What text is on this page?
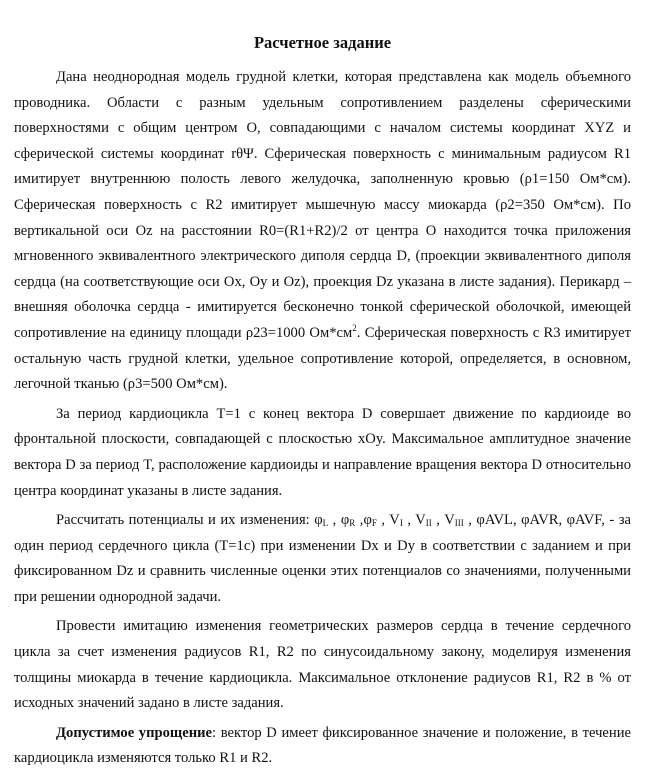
Расчетное задание

Дана неоднородная модель грудной клетки, которая представлена как модель объемного проводника. Области с разным удельным сопротивлением разделены сферическими поверхностями с общим центром O, совпадающими с началом системы координат XYZ и сферической системы координат rθΨ. Сферическая поверхность с минимальным радиусом R1 имитирует внутреннюю полость левого желудочка, заполненную кровью (ρ1=150 Ом*см). Сферическая поверхность с R2 имитирует мышечную массу миокарда (ρ2=350 Ом*см). По вертикальной оси Oz на расстоянии R0=(R1+R2)/2 от центра O находится точка приложения мгновенного эквивалентного электрического диполя сердца D, (проекции эквивалентного диполя сердца (на соответствующие оси Ox, Oy и Oz), проекция Dz указана в листе задания). Перикард – внешняя оболочка сердца - имитируется бесконечно тонкой сферической оболочкой, имеющей сопротивление на единицу площади ρ23=1000 $Ом*см^2$. Сферическая поверхность с R3 имитирует остальную часть грудной клетки, удельное сопротивление которой, определяется, в основном, легочной тканью (ρ3=500 Ом*см).

За период кардиоцикла T=1 с конец вектора D совершает движение по кардиоиде во фронтальной плоскости, совпадающей с плоскостью xOy. Максимальное амплитудное значение вектора D за период T, расположение кардиоиды и направление вращения вектора D относительно центра координат указаны в листе задания.

Рассчитать потенциалы и их изменения: $\varphi_L$ , $\varphi_R$ $,\varphi_F$ , $V_I$ , $V_{II}$ , $V_{III}$ , φAVL, φAVR, φAVF, - за один период сердечного цикла (T=1c) при изменении Dx и Dy в соответствии с заданием и при фиксированном Dz и сравнить численные оценки этих потенциалов со значениями, полученными при решении однородной задачи.

Провести имитацию изменения геометрических размеров сердца в течение сердечного цикла за счет изменения радиусов R1, R2 по синусоидальному закону, моделируя изменения толщины миокарда в течение кардиоцикла. Максимальное отклонение радиусов R1, R2 в % от исходных значений задано в листе задания.

Допустимое упрощение: вектор D имеет фиксированное значение и положение, в течение кардиоцикла изменяются только R1 и R2.
